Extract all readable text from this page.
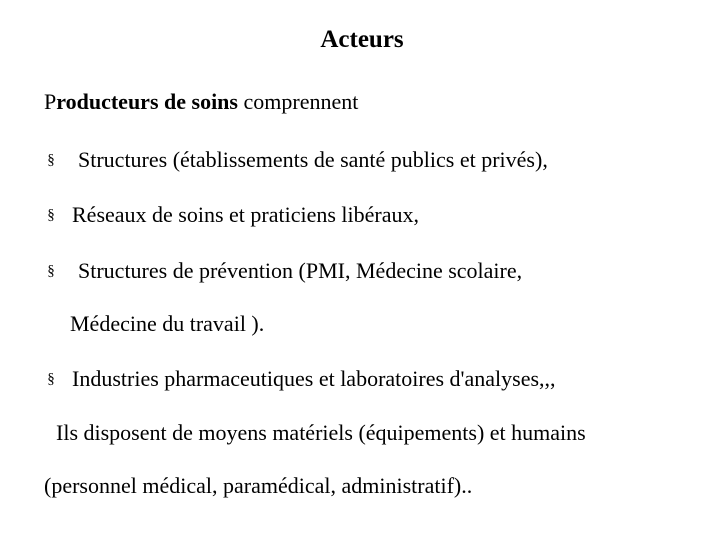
Acteurs
Producteurs de soins comprennent
§ Structures (établissements de santé publics et privés),
§ Réseaux de soins et praticiens libéraux,
§ Structures de prévention (PMI, Médecine scolaire,
Médecine du travail ).
§ Industries pharmaceutiques et laboratoires d'analyses,,,
Ils disposent de moyens matériels (équipements) et humains
(personnel médical, paramédical, administratif)..
